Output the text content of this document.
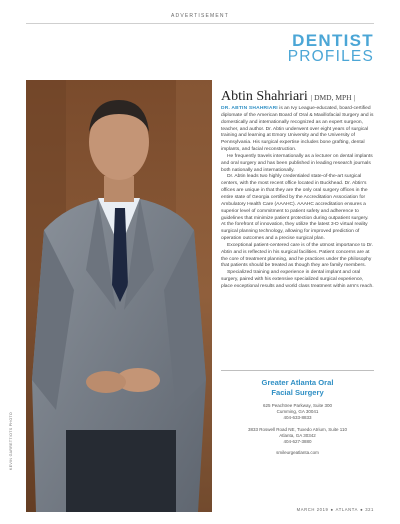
ADVERTISEMENT
DENTIST
PROFILES
KEVIN GARRETT/OTS PHOTO
Abtin Shahriari | DMD, MPH |

DR. ABTIN SHAHRIARI is an Ivy League-educated, board-certified diplomate of the American Board of Oral & Maxillofacial Surgery and is domestically and internationally recognized as an expert surgeon, teacher, and author. Dr. Abtin underwent over eight years of surgical training and learning at Emory University and the University of Pennsylvania. His surgical expertise includes bone grafting, dental implants, and facial reconstruction.

He frequently travels internationally as a lecturer on dental implants and oral surgery and has been published in leading research journals both nationally and internationally.

Dr. Abtin leads two highly credentialed state-of-the-art surgical centers, with the most recent office located in Buckhead. Dr. Abtin's offices are unique in that they are the only oral surgery offices in the entire state of Georgia certified by the Accreditation Association for Ambulatory Health Care (AAAHC). AAAHC accreditation ensures a superior level of commitment to patient safety and adherence to guidelines that minimize patient protection during outpatient surgery. At the forefront of innovation, they utilize the latest 3-D virtual reality surgical planning technology, allowing for improved prediction of operation outcomes and a precise surgical plan.

Exceptional patient-centered care is of the utmost importance to Dr. Abtin and is reflected in his surgical facilities. Patient concerns are at the core of treatment planning, and he practices under the philosophy that patients should be treated as though they are family members.

Specialized training and experience in dental implant and oral surgery, paired with his extensive specialized surgical experience, place exceptional results and world class treatment within arm's reach.

Greater Atlanta Oral
Facial Surgery
625 Peachtree Parkway, Suite 300
Cumming, GA 30041
404-633-8833
3833 Roswell Road NE, Tuxedo Atrium, Suite 110
Atlanta, GA 30342
404-627-3880
smileurgeatlanta.com
MARCH 2019 ● ATLANTA ● 321
